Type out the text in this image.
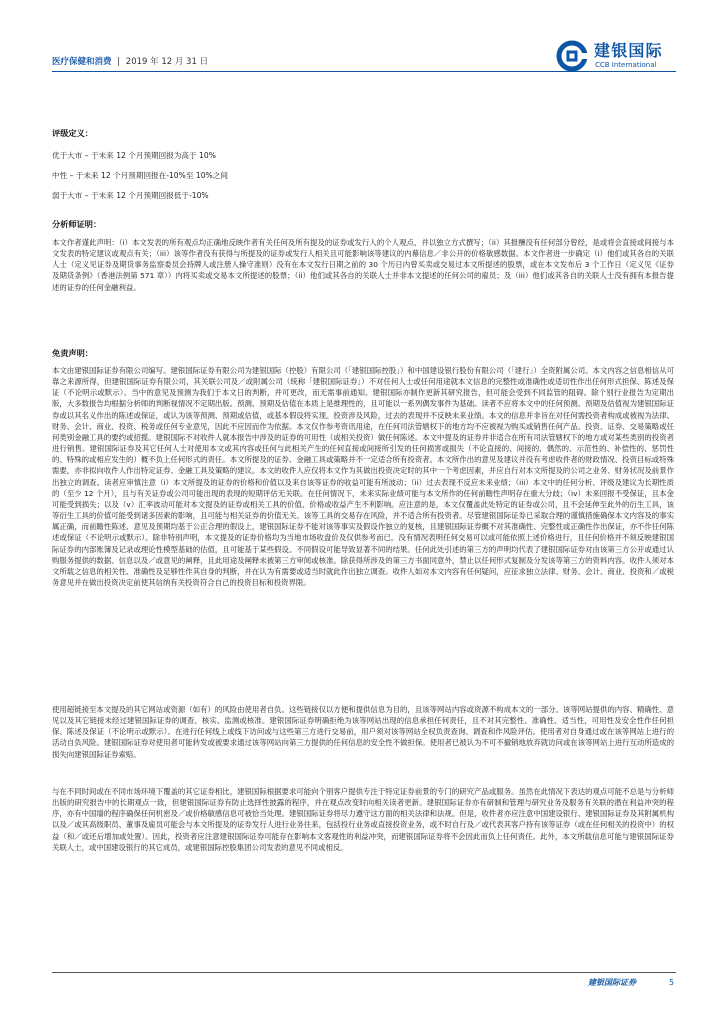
医疗保健和消费 | 2019 年 12 月 31 日
建银国际
CCB International
评级定义：
优于大市 – 于未来 12 个月预期回报为高于 10%
中性 – 于未来 12 个月预期回报在-10%至 10%之间
弱于大市 – 于未来 12 个月预期回报低于-10%
分析师证明：
本文作者谨此声明：（i）本文发表的所有观点均正确地反映作者有关任何及所有提及的证券或发行人的个人观点，并以独立方式撰写；（ii）其报酬没有任何部分曾经，是或将会直接或间接与本文发表的特定建议或观点有关；（iii）该等作者没有获得与所提及的证券或发行人相关且可能影响该等建议的内幕信息／非公开的价格敏感数据。本文作者进一步确定（i）他们或其各自的关联人士（定义见证券及期货事务监察委员会持牌人或注册人操守准则）没有在本文发行日期之前的 30 个历日内曾买卖或交易过本文所提述的股票，或在本文发布后 3 个工作日（定义见《证券及期货条例》（香港法例第 571 章））内将买卖或交易本文所提述的股票；（ii）他们或其各自的关联人士并非本文提述的任何公司的雇员；及（iii）他们或其各自的关联人士没有拥有本报告提述的证券的任何金融利益。
免责声明：
本文由建银国际证券有限公司编写。建银国际证券有限公司为建银国际（控股）有限公司（「建银国际控股」）和中国建设银行股份有限公司（「建行」）全资附属公司。本文内容之信息相信从可靠之来源所得，但建银国际证券有限公司，其关联公司及／或附属公司（统称「建银国际证券」）不对任何人士或任何用途就本文信息的完整性或准确性或适切性作出任何形式担保、陈述及保证（不论明示或默示）。当中的意见及预测为我们于本文日的判断，并可更改，而无需事前通知。建银国际亦制作更新其研究报告，但可能会受到不同监管的阻碍。除个别行业报告为定期出版，大多数报告均根据分析师的判断视情况不定期出版。预测、预期及估值在本质上是推理性的，且可能以一系列偶发事件为基础。读者不应将本文中的任何预测、预期及估值视为建银国际证券或以其名义作出的陈述或保证，或认为该等预测、预期或估值，或基本假设将实现。投资涉及风险，过去的表现并不反映未来业绩。本文的信息并非旨在对任何需投资者构成或被视为法律、财务、会计、商业、投资、税务或任何专业意见，因此不应因而作为依据。本文仅作参考资讯用途，在任何司法管辖权下的地方均不应被视为购买或销售任何产品、投资、证券、交易策略或任何类别金融工具的要约或招揽。建银国际不对收件人就本报告中涉及的证券的可用性（或相关投资）做任何陈述。本文中提及的证券并非适合在所有司法管辖权下的地方或对某些类别的投资者进行销售。建银国际证券及其它任何人士对使用本文或其内容或任何与此相关产生的任何直接或间接所引发的任何损害或损失（不论直接的、间接的、偶然的、示范性的、补偿性的、惩罚性的、特殊的或相应发生的）概不负上任何形式的责任。本文所提及的证券、金融工具或策略并不一定适合所有投资者。本文所作出的意见及建议并没有考虑收件者的财政情况、投资目标或特殊需要，亦非拟向收件人作出特定证券、金融工具及策略的建议。本文的收件人应仅将本文作为其做出投资决定时的其中一个考虑因素，并应自行对本文所提及的公司之业务、财务状况及前景作出独立的调查。读者应审慎注意（i）本文所提及的证券的价格和价值以及来自该等证券的收益可能有所波动；（ii）过去表现不反应未来业绩；（iii）本文中的任何分析、评级及建议为长期性质的（至少 12 个月），且与有关证券或公司可能出现的表现的短期评估无关联。在任何情况下，未来实际业绩可能与本文所作的任何前瞻性声明存在重大分歧；（iv）未来回报不受保证，且本金可能受到损失；以及（v）汇率波动可能对本文提及的证券或相关工具的价值、价格或收益产生不利影响。应注意的是，本文仅覆盖此处特定的证券或公司，且不会延伸至此外的衍生工具，该等衍生工具的价值可能受到诸多因素的影响，且可能与相关证券的价值无关。该等工具的交易存在风险，并不适合所有投资者。尽管建银国际证券已采取合理的谨慎措施确保本文内容及的事实属正确，而前瞻性陈述、意见及预期均基于公正合理的假设上，建银国际证券不能对该等事实及假设作独立的复核，且建银国际证券概不对其准确性、完整性或正确性作出保证，亦不作任何陈述或保证（不论明示或默示）。除非特别声明，本文提及的证券价格均为当地市场收盘价及仅供参考而已。没有情况表明任何交易可以或可能依照上述价格进行，且任何价格并不须反映建银国际证券的内部账簿及记录或理论性模型基础的估值，且可能基于某些假设。不同假设可能导致显著不同的结果。任何此处引述的第三方的声明均代表了建银国际证券对由该第三方公开或通过认购服务提供的数据、信息以及／或意见的阐释，且此用途及阐释未被第三方审阅或核准。除获得所涉及的第三方书面同意外，禁止以任何形式复制及分发该等第三方的资料内容。收件人须对本文所载之信息的相关性、准确性及足够性作其自身的判断，并在认为有需要或适当时就此作出独立调查。收件人如对本文内容有任何疑问，应征求独立法律、财务、会计、商业、投资和／或税务意见并在做出投资决定前使其信纳有关投资符合自己的投资目标和投资界限。
使用超链接至本文提及的其它网站或资源（如有）的风险由使用者自负。这些链接仅以方便和提供信息为目的，且该等网站内容或资源不构成本文的一部分。该等网站提供的内容、精确性、意见以及其它链接未经过建银国际证券的调查、核实、监测或核准。建银国际证券明确拒绝为该等网站出现的信息承担任何责任，且不对其完整性、准确性、适当性，可用性及安全性作任何担保、陈述及保证（不论明示或默示）。在进行任何线上或线下访问或与这些第三方进行交易前，用户须对该等网站全权负责查询、调查和作风险评估。使用者对自身通过或在该等网站上进行的活动自负风险。建银国际证券对使用者可能转发或被要求通过该等网站向第三方提供的任何信息的安全性不做担保。使用者已被认为不可不撤销地放弃就访问或在该等网站上进行互动所造成的损失向建银国际证券索赔。
与在不同时间或在不同市场环境下覆盖的其它证券相比，建银国际根据要求可能向个别客户提供专注于特定证券前景的专门的研究产品或服务。虽然在此情况下表达的观点可能不总是与分析师出版的研究报告中的长期观点一致，但建银国际证券有防止选择性披露的程序，并在观点改变时向相关读者更新。建银国际证券亦有研制和管理与研究业务及服务有关联的潜在利益冲突的程序，亦有中国墙的程序确保任何机密及／或价格敏感信息可被恰当处理。建银国际证券将尽力遵守这方面的相关法律和法规。但是，收件者亦应注意中国建设银行、建银国际证券及其附属机构以及／或其高级职员、董事及雇员可能会与本文所提及的证券发行人进行业务往来，包括投行业务或直接投资业务，或不时自行及／或代表其客户持有该等证券（或在任何相关的投资中）的权益（和／或还后增加或处置）。因此，投资者应注意建银国际证券可能存在影响本文客观性的利益冲突，而建银国际证券将不会因此而负上任何责任。此外，本文所载信息可能与建银国际证券关联人士，或中国建设银行的其它成员，或建银国际控股集团公司发表的意见不同或相反。
建银国际证券	5
